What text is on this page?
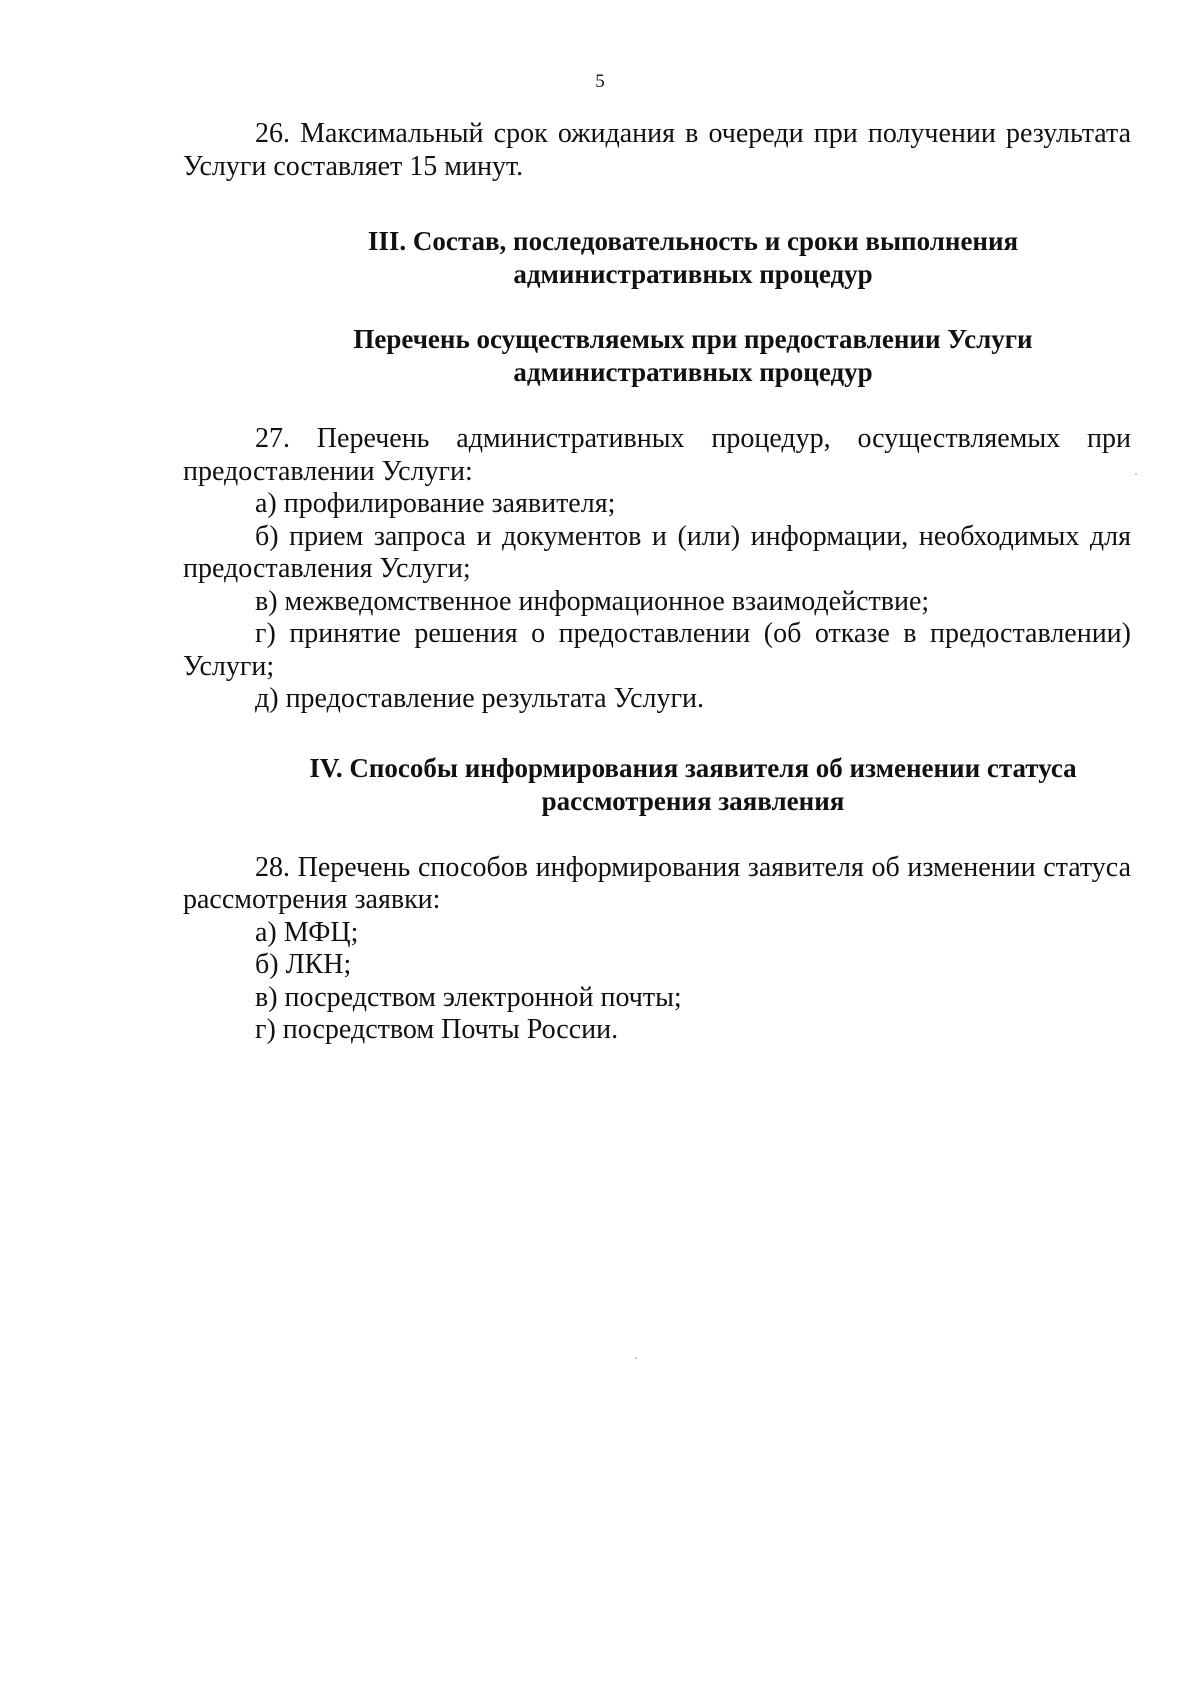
5

26. Максимальный срок ожидания в очереди при получении результата Услуги составляет 15 минут.

III. Состав, последовательность и сроки выполнения
административных процедур
Перечень осуществляемых при предоставлении Услуги
административных процедур

27. Перечень административных процедур, осуществляемых при предоставлении Услуги:

а) профилирование заявителя;

б) прием запроса и документов и (или) информации, необходимых для предоставления Услуги;

в) межведомственное информационное взаимодействие;

г) принятие решения о предоставлении (об отказе в предоставлении) Услуги;

д) предоставление результата Услуги.

IV. Способы информирования заявителя об изменении статуса
рассмотрения заявления

28. Перечень способов информирования заявителя об изменении статуса рассмотрения заявки:

а) МФЦ;

б) ЛКН;

в) посредством электронной почты;

г) посредством Почты России.
